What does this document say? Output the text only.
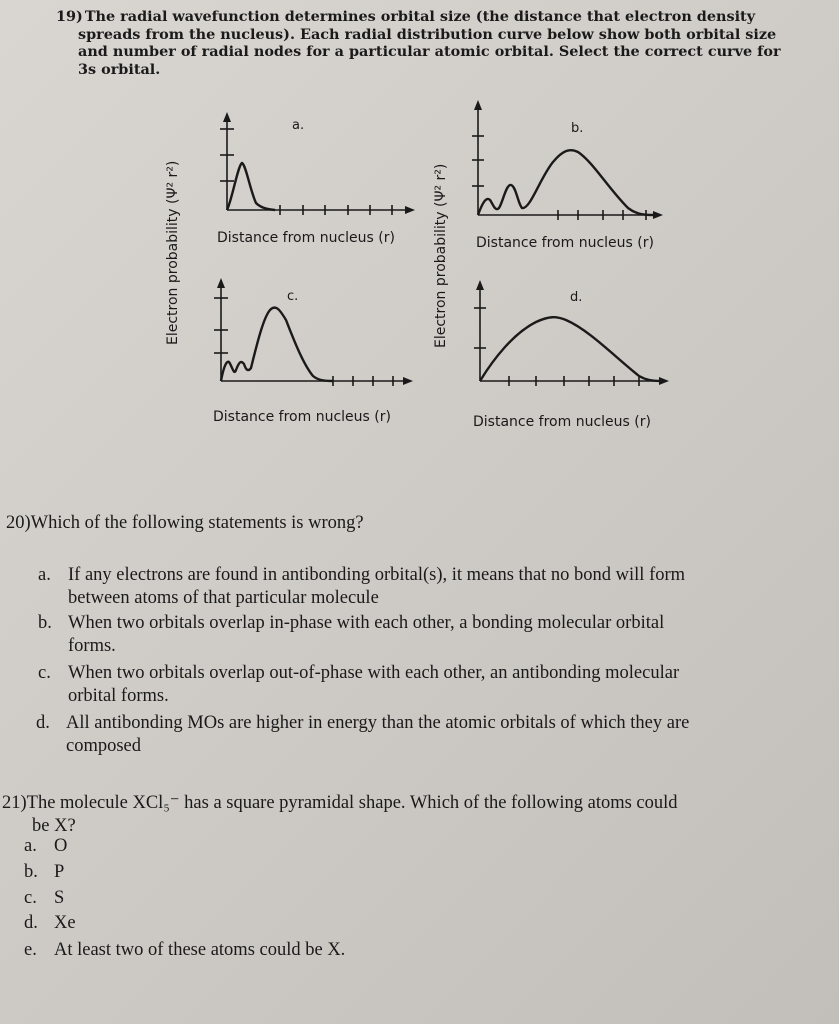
19) The radial wavefunction determines orbital size (the distance that electron density
spreads from the nucleus). Each radial distribution curve below show both orbital size
and number of radial nodes for a particular atomic orbital. Select the correct curve for
3s orbital.
Electron probability (Ψ² r²)	Electron probability (Ψ² r²)
a.
Distance from nucleus (r)
b.
Distance from nucleus (r)
c.
Distance from nucleus (r)
d.
Distance from nucleus (r)
20)Which of the following statements is wrong?
a. If any electrons are found in antibonding orbital(s), it means that no bond will form
between atoms of that particular molecule
b. When two orbitals overlap in-phase with each other, a bonding molecular orbital
forms.
c. When two orbitals overlap out-of-phase with each other, an antibonding molecular
orbital forms.
d. All antibonding MOs are higher in energy than the atomic orbitals of which they are
composed
21)The molecule XCl₅⁻ has a square pyramidal shape. Which of the following atoms could
be X?
a. O
b. P
c. S
d. Xe
e. At least two of these atoms could be X.
